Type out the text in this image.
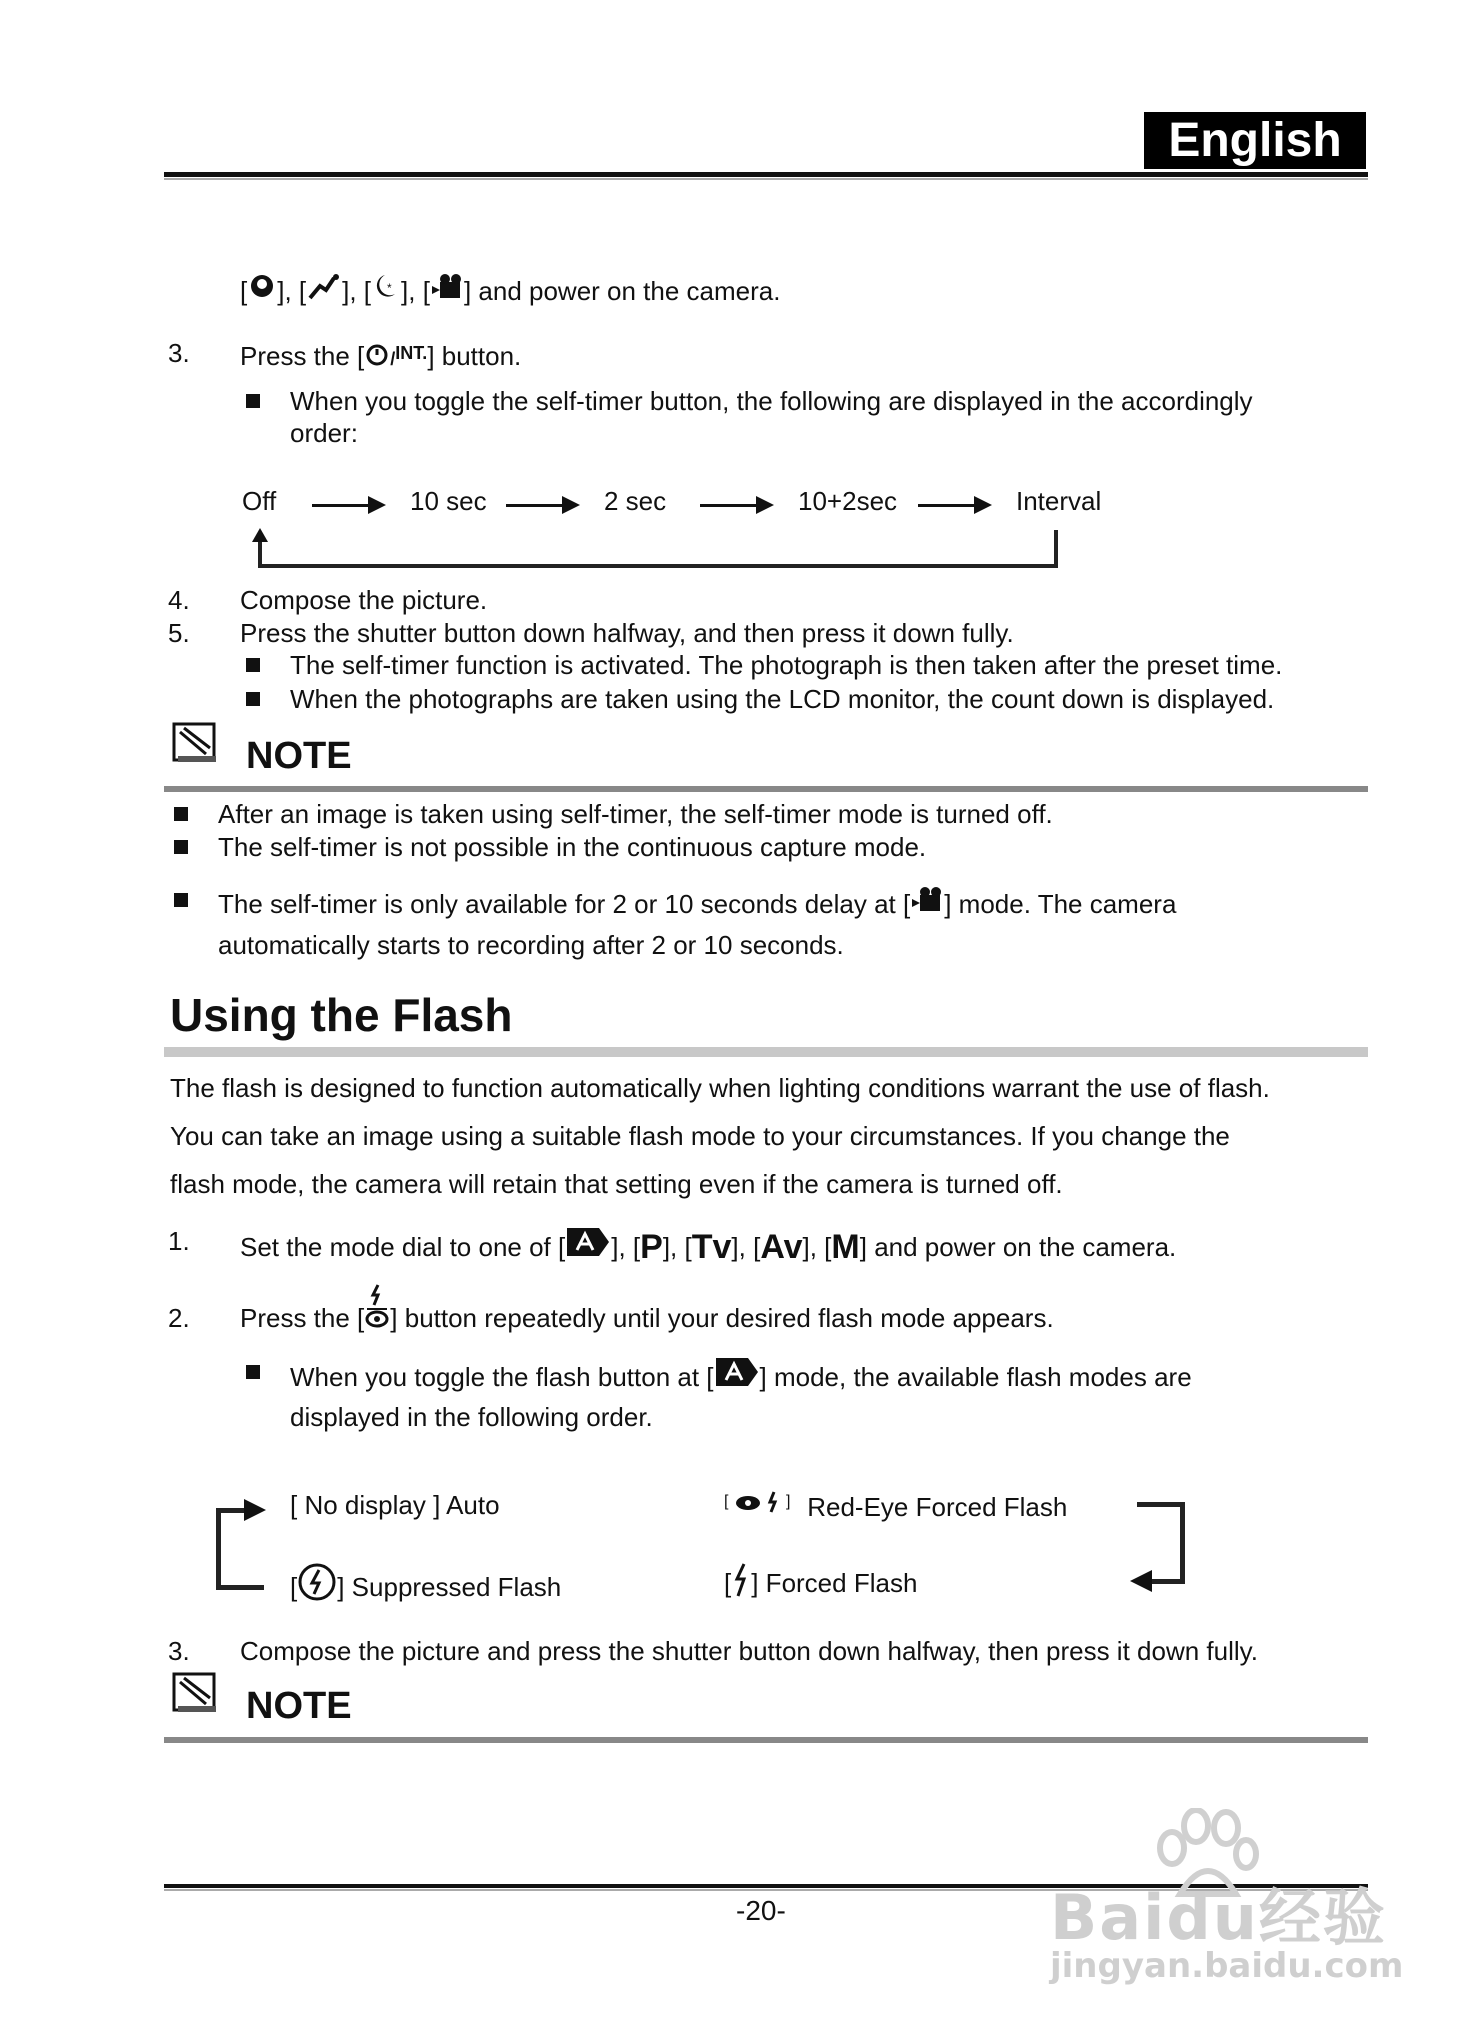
English
[ ], [ ], [ * ], [ ] and power on the camera.
3. Press the [ /$^{INT.}$] button.
When you toggle the self-timer button, the following are displayed in the accordingly
order:
Off	10 sec	2 sec	10+2sec	Interval
4. Compose the picture.
5. Press the shutter button down halfway, and then press it down fully.
The self-timer function is activated. The photograph is then taken after the preset time.
When the photographs are taken using the LCD monitor, the count down is displayed.
NOTE
After an image is taken using self-timer, the self-timer mode is turned off.
The self-timer is not possible in the continuous capture mode.
The self-timer is only available for 2 or 10 seconds delay at [ ] mode. The camera
automatically starts to recording after 2 or 10 seconds.
Using the Flash
The flash is designed to function automatically when lighting conditions warrant the use of flash.
You can take an image using a suitable flash mode to your circumstances. If you change the
flash mode, the camera will retain that setting even if the camera is turned off.
1. Set the mode dial to one of [ ], [P], [Tv], [Av], [M] and power on the camera.
2. Press the [ ] button repeatedly until your desired flash mode appears.
When you toggle the flash button at [ ] mode, the available flash modes are
displayed in the following order.
[ No display ] Auto	[	] Red-Eye Forced Flash
[ ] Suppressed Flash	[ ] Forced Flash
3. Compose the picture and press the shutter button down halfway, then press it down fully.
NOTE
-20-	Baidu经验
jingyan.baidu.com
